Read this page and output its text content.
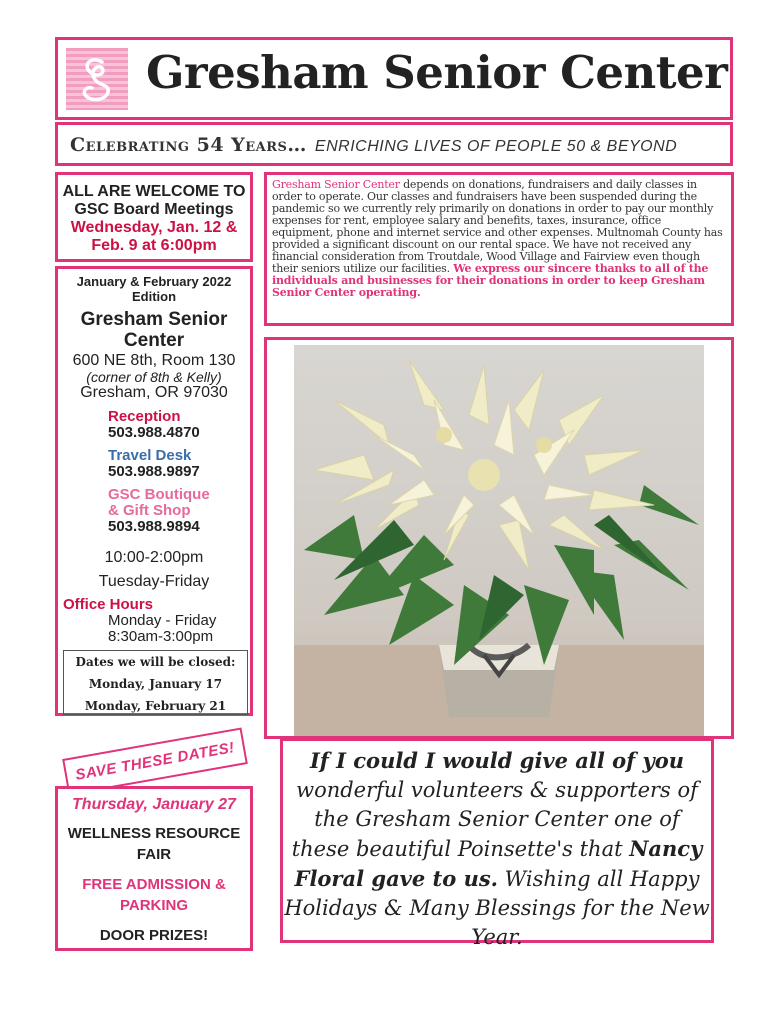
Gresham Senior Center
Celebrating 54 Years… ENRICHING LIVES OF PEOPLE 50 & BEYOND
ALL ARE WELCOME TO
GSC Board Meetings
Wednesday, Jan. 12 &
Feb. 9 at 6:00pm
January & February 2022
Edition
Gresham Senior
Center
600 NE 8th, Room 130
(corner of 8th & Kelly)
Gresham, OR 97030
Reception
503.988.4870
Travel Desk
503.988.9897
GSC Boutique
& Gift Shop
503.988.9894
10:00-2:00pm
Tuesday-Friday
Office Hours
Monday - Friday
8:30am-3:00pm
Dates we will be closed:
Monday, January 17
Monday, February 21
SAVE THESE DATES!
Thursday, January 27
WELLNESS RESOURCE
FAIR
FREE ADMISSION &
PARKING
DOOR PRIZES!
Gresham Senior Center depends on donations, fundraisers and daily classes in order to operate. Our classes and fundraisers have been suspended during the pandemic so we currently rely primarily on donations in order to pay our monthly expenses for rent, employee salary and benefits, taxes, insurance, office equipment, phone and internet service and other expenses. Multnomah County has provided a significant discount on our rental space. We have not received any financial consideration from Troutdale, Wood Village and Fairview even though their seniors utilize our facilities. We express our sincere thanks to all of the individuals and businesses for their donations in order to keep Gresham Senior Center operating.
If I could I would give all of you wonderful volunteers & supporters of the Gresham Senior Center one of these beautiful Poinsette's that Nancy Floral gave to us. Wishing all Happy Holidays & Many Blessings for the New Year.
